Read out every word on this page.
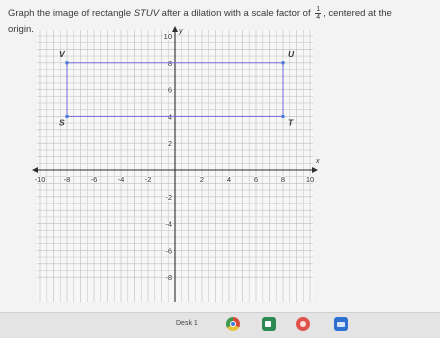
Graph the image of rectangle STUV after a dilation with a scale factor of $\frac{1}{4}$ , centered at the
origin.
x
y
-10 -8	-6	-4	-2	2	4	6	8	10
-8
-6
-4
-2
2
4
6
8
10
S	T
U
V
Desk 1
